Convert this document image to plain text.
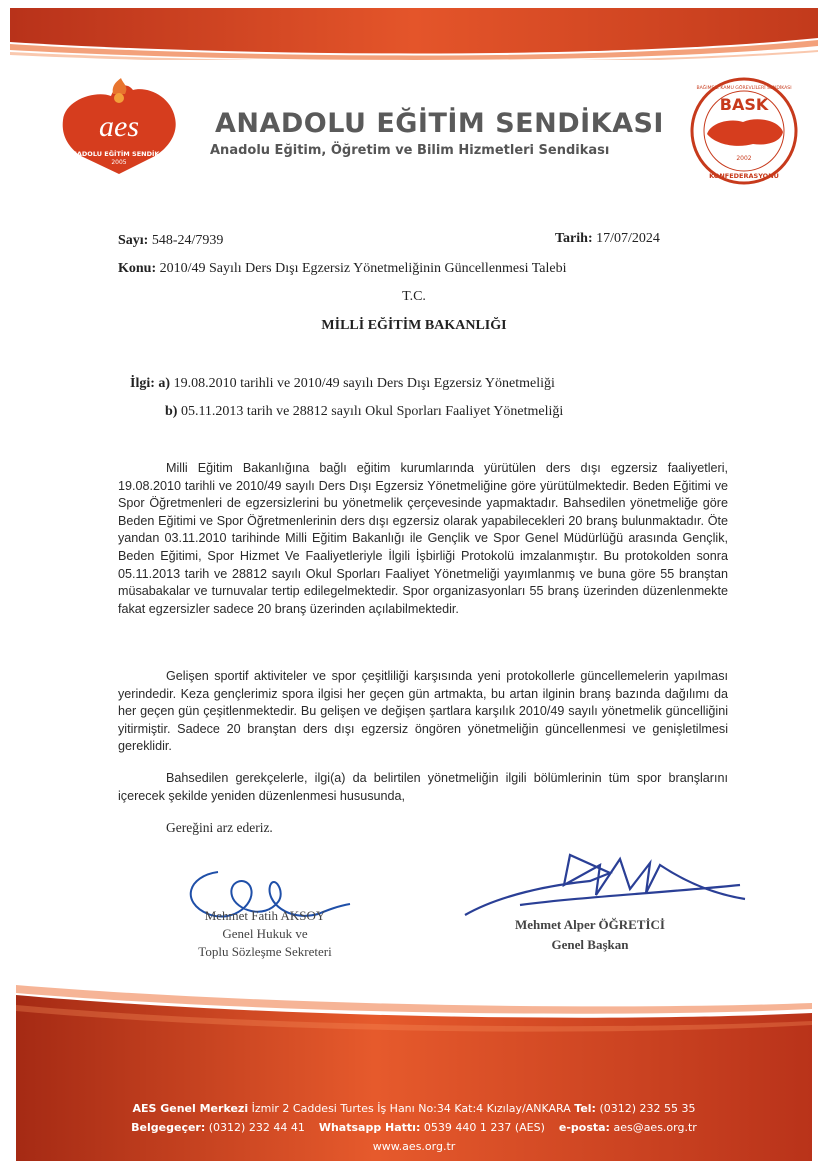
aes
ANADOLU EĞİTİM SENDİKASI
2005
BASK
BAĞIMSIZ KAMU GÖREVLİLERİ SENDİKASI
2002
KONFEDERASYONU
ANADOLU EĞİTİM SENDİKASI
Anadolu Eğitim, Öğretim ve Bilim Hizmetleri Sendikası
Sayı: 548-24/7939	Tarih: 17/07/2024
Konu: 2010/49 Sayılı Ders Dışı Egzersiz Yönetmeliğinin Güncellenmesi Talebi
T.C.
MİLLİ EĞİTİM BAKANLIĞI
İlgi: a) 19.08.2010 tarihli ve 2010/49 sayılı Ders Dışı Egzersiz Yönetmeliği
b) 05.11.2013 tarih ve 28812 sayılı Okul Sporları Faaliyet Yönetmeliği
Milli Eğitim Bakanlığına bağlı eğitim kurumlarında yürütülen ders dışı egzersiz faaliyetleri, 19.08.2010 tarihli ve 2010/49 sayılı Ders Dışı Egzersiz Yönetmeliğine göre yürütülmektedir. Beden Eğitimi ve Spor Öğretmenleri de egzersizlerini bu yönetmelik çerçevesinde yapmaktadır. Bahsedilen yönetmeliğe göre Beden Eğitimi ve Spor Öğretmenlerinin ders dışı egzersiz olarak yapabilecekleri 20 branş bulunmaktadır. Öte yandan 03.11.2010 tarihinde Milli Eğitim Bakanlığı ile Gençlik ve Spor Genel Müdürlüğü arasında Gençlik, Beden Eğitimi, Spor Hizmet Ve Faaliyetleriyle İlgili İşbirliği Protokolü imzalanmıştır. Bu protokolden sonra 05.11.2013 tarih ve 28812 sayılı Okul Sporları Faaliyet Yönetmeliği yayımlanmış ve buna göre 55 branştan müsabakalar ve turnuvalar tertip edilegelmektedir. Spor organizasyonları 55 branş üzerinden düzenlenmekte fakat egzersizler sadece 20 branş üzerinden açılabilmektedir.
Gelişen sportif aktiviteler ve spor çeşitliliği karşısında yeni protokollerle güncellemelerin yapılması yerindedir. Keza gençlerimiz spora ilgisi her geçen gün artmakta, bu artan ilginin branş bazında dağılımı da her geçen gün çeşitlenmektedir. Bu gelişen ve değişen şartlara karşılık 2010/49 sayılı yönetmelik güncelliğini yitirmiştir. Sadece 20 branştan ders dışı egzersiz öngören yönetmeliğin güncellenmesi ve genişletilmesi gereklidir.
Bahsedilen gerekçelerle, ilgi(a) da belirtilen yönetmeliğin ilgili bölümlerinin tüm spor branşlarını içerecek şekilde yeniden düzenlenmesi hususunda,
Gereğini arz ederiz.
Mehmet Fatih AKSOY
Genel Hukuk ve
Toplu Sözleşme Sekreteri
Mehmet Alper ÖĞRETİCİ
Genel Başkan
AES Genel Merkezi İzmir 2 Caddesi Turtes İş Hanı No:34 Kat:4 Kızılay/ANKARA Tel: (0312) 232 55 35
Belgegeçer: (0312) 232 44 41 Whatsapp Hattı: 0539 440 1 237 (AES) e-posta: aes@aes.org.tr
www.aes.org.tr
